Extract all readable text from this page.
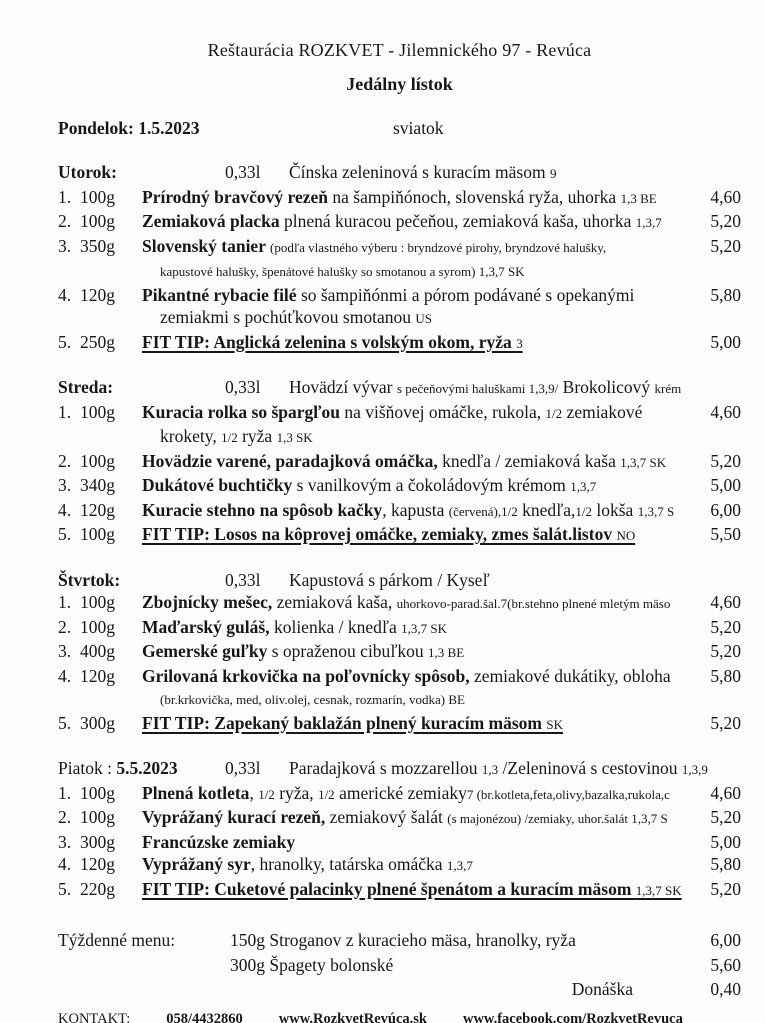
Reštaurácia ROZKVET - Jilemnického 97 - Revúca
Jedálny lístok
Pondelok: 1.5.2023	sviatok
Utorok:	0,33l	Čínska zeleninová s kuracím mäsom 9
1. 100g	Prírodný bravčový rezeň na šampiňónoch, slovenská ryža, uhorka 1,3 BE	4,60
2. 100g	Zemiaková placka plnená kuracou pečeňou, zemiaková kaša, uhorka 1,3,7	5,20
3. 350g	Slovenský tanier (podľa vlastného výberu : bryndzové pirohy, bryndzové halušky,	5,20
kapustové halušky, špenátové halušky so smotanou a syrom) 1,3,7 SK
4. 120g	Pikantné rybacie filé so šampiňónmi a pórom podávané s opekanými	5,80
zemiakmi s pochúťkovou smotanou US
5. 250g	FIT TIP: Anglická zelenina s volským okom, ryža 3	5,00
Streda:	0,33l	Hovädzí vývar s pečeňovými haluškami 1,3,9/ Brokolicový krém
1. 100g	Kuracia rolka so špargľou na višňovej omáčke, rukola, 1/2 zemiakové	4,60
krokety, 1/2 ryža 1,3 SK
2. 100g	Hovädzie varené, paradajková omáčka, knedľa / zemiaková kaša 1,3,7 SK	5,20
3. 340g	Dukátové buchtičky s vanilkovým a čokoládovým krémom 1,3,7	5,00
4. 120g	Kuracie stehno na spôsob kačky, kapusta (červená),1/2 knedľa,1/2 lokša 1,3,7 S	6,00
5. 100g	FIT TIP: Losos na kôprovej omáčke, zemiaky, zmes šalát.listov NO	5,50
Štvrtok:	0,33l	Kapustová s párkom / Kyseľ
1. 100g	Zbojnícky mešec, zemiaková kaša, uhorkovo-parad.šal.7(br.stehno plnené mletým mäso	4,60
2. 100g	Maďarský guláš, kolienka / knedľa 1,3,7 SK	5,20
3. 400g	Gemerské guľky s opraženou cibuľkou 1,3 BE	5,20
4. 120g	Grilovaná krkovička na poľovnícky spôsob, zemiakové dukátiky, obloha	5,80
(br.krkovička, med, oliv.olej, cesnak, rozmarín, vodka) BE
5. 300g	FIT TIP: Zapekaný baklažán plnený kuracím mäsom SK	5,20
Piatok : 5.5.2023	0,33l	Paradajková s mozzarellou 1,3 /Zeleninová s cestovinou 1,3,9
1. 100g	Plnená kotleta, 1/2 ryža, 1/2 americké zemiaky7 (br.kotleta,feta,olivy,bazalka,rukola,c	4,60
2. 100g	Vyprážaný kurací rezeň, zemiakový šalát (s majonézou) /zemiaky, uhor.šalát 1,3,7 S	5,20
3. 300g	Francúzske zemiaky	5,00
4. 120g	Vyprážaný syr, hranolky, tatárska omáčka 1,3,7	5,80
5. 220g	FIT TIP: Cuketové palacinky plnené špenátom a kuracím mäsom 1,3,7 SK	5,20
Týždenné menu:	150g Stroganov z kuracieho mäsa, hranolky, ryža	6,00
300g Špagety bolonské	5,60
Donáška	0,40
KONTAKT: 058/4432860 www.RozkvetRevúca.sk www.facebook.com/RozkvetRevuca
